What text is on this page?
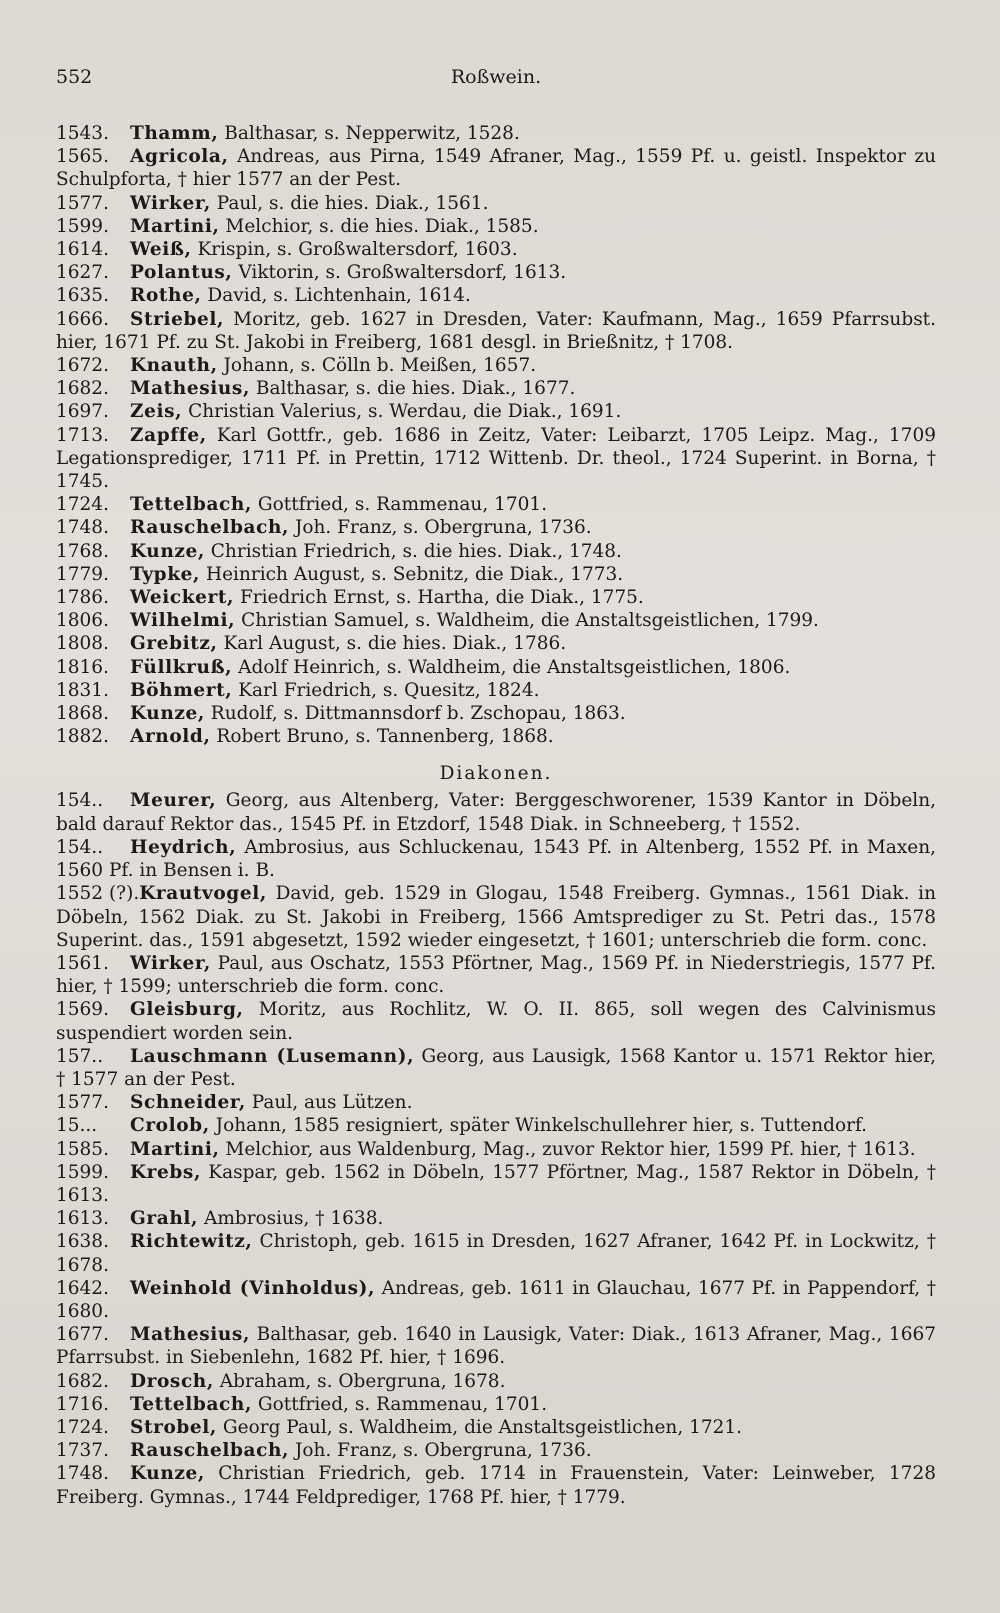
552	Roßwein.
1543. Thamm, Balthasar, s. Nepperwitz, 1528.
1565. Agricola, Andreas, aus Pirna, 1549 Afraner, Mag., 1559 Pf. u. geistl. Inspektor zu Schulpforta, † hier 1577 an der Pest.
1577. Wirker, Paul, s. die hies. Diak., 1561.
1599. Martini, Melchior, s. die hies. Diak., 1585.
1614. Weiß, Krispin, s. Großwaltersdorf, 1603.
1627. Polantus, Viktorin, s. Großwaltersdorf, 1613.
1635. Rothe, David, s. Lichtenhain, 1614.
1666. Striebel, Moritz, geb. 1627 in Dresden, Vater: Kaufmann, Mag., 1659 Pfarrsubst. hier, 1671 Pf. zu St. Jakobi in Freiberg, 1681 desgl. in Brießnitz, † 1708.
1672. Knauth, Johann, s. Cölln b. Meißen, 1657.
1682. Mathesius, Balthasar, s. die hies. Diak., 1677.
1697. Zeis, Christian Valerius, s. Werdau, die Diak., 1691.
1713. Zapffe, Karl Gottfr., geb. 1686 in Zeitz, Vater: Leibarzt, 1705 Leipz. Mag., 1709 Legationsprediger, 1711 Pf. in Prettin, 1712 Wittenb. Dr. theol., 1724 Superint. in Borna, † 1745.
1724. Tettelbach, Gottfried, s. Rammenau, 1701.
1748. Rauschelbach, Joh. Franz, s. Obergruna, 1736.
1768. Kunze, Christian Friedrich, s. die hies. Diak., 1748.
1779. Typke, Heinrich August, s. Sebnitz, die Diak., 1773.
1786. Weickert, Friedrich Ernst, s. Hartha, die Diak., 1775.
1806. Wilhelmi, Christian Samuel, s. Waldheim, die Anstaltsgeistlichen, 1799.
1808. Grebitz, Karl August, s. die hies. Diak., 1786.
1816. Füllkruß, Adolf Heinrich, s. Waldheim, die Anstaltsgeistlichen, 1806.
1831. Böhmert, Karl Friedrich, s. Quesitz, 1824.
1868. Kunze, Rudolf, s. Dittmannsdorf b. Zschopau, 1863.
1882. Arnold, Robert Bruno, s. Tannenberg, 1868.
Diakonen.
154.. Meurer, Georg, aus Altenberg, Vater: Berggeschworener, 1539 Kantor in Döbeln, bald darauf Rektor das., 1545 Pf. in Etzdorf, 1548 Diak. in Schneeberg, † 1552.
154.. Heydrich, Ambrosius, aus Schluckenau, 1543 Pf. in Altenberg, 1552 Pf. in Maxen, 1560 Pf. in Bensen i. B.
1552 (?).Krautvogel, David, geb. 1529 in Glogau, 1548 Freiberg. Gymnas., 1561 Diak. in Döbeln, 1562 Diak. zu St. Jakobi in Freiberg, 1566 Amtsprediger zu St. Petri das., 1578 Superint. das., 1591 abgesetzt, 1592 wieder eingesetzt, † 1601; unterschrieb die form. conc.
1561. Wirker, Paul, aus Oschatz, 1553 Pförtner, Mag., 1569 Pf. in Niederstriegis, 1577 Pf. hier, † 1599; unterschrieb die form. conc.
1569. Gleisburg, Moritz, aus Rochlitz, W. O. II. 865, soll wegen des Calvinismus suspendiert worden sein.
157.. Lauschmann (Lusemann), Georg, aus Lausigk, 1568 Kantor u. 1571 Rektor hier, † 1577 an der Pest.
1577. Schneider, Paul, aus Lützen.
15... Crolob, Johann, 1585 resigniert, später Winkelschullehrer hier, s. Tuttendorf.
1585. Martini, Melchior, aus Waldenburg, Mag., zuvor Rektor hier, 1599 Pf. hier, † 1613.
1599. Krebs, Kaspar, geb. 1562 in Döbeln, 1577 Pförtner, Mag., 1587 Rektor in Döbeln, † 1613.
1613. Grahl, Ambrosius, † 1638.
1638. Richtewitz, Christoph, geb. 1615 in Dresden, 1627 Afraner, 1642 Pf. in Lockwitz, † 1678.
1642. Weinhold (Vinholdus), Andreas, geb. 1611 in Glauchau, 1677 Pf. in Pappendorf, † 1680.
1677. Mathesius, Balthasar, geb. 1640 in Lausigk, Vater: Diak., 1613 Afraner, Mag., 1667 Pfarrsubst. in Siebenlehn, 1682 Pf. hier, † 1696.
1682. Drosch, Abraham, s. Obergruna, 1678.
1716. Tettelbach, Gottfried, s. Rammenau, 1701.
1724. Strobel, Georg Paul, s. Waldheim, die Anstaltsgeistlichen, 1721.
1737. Rauschelbach, Joh. Franz, s. Obergruna, 1736.
1748. Kunze, Christian Friedrich, geb. 1714 in Frauenstein, Vater: Leinweber, 1728 Freiberg. Gymnas., 1744 Feldprediger, 1768 Pf. hier, † 1779.
